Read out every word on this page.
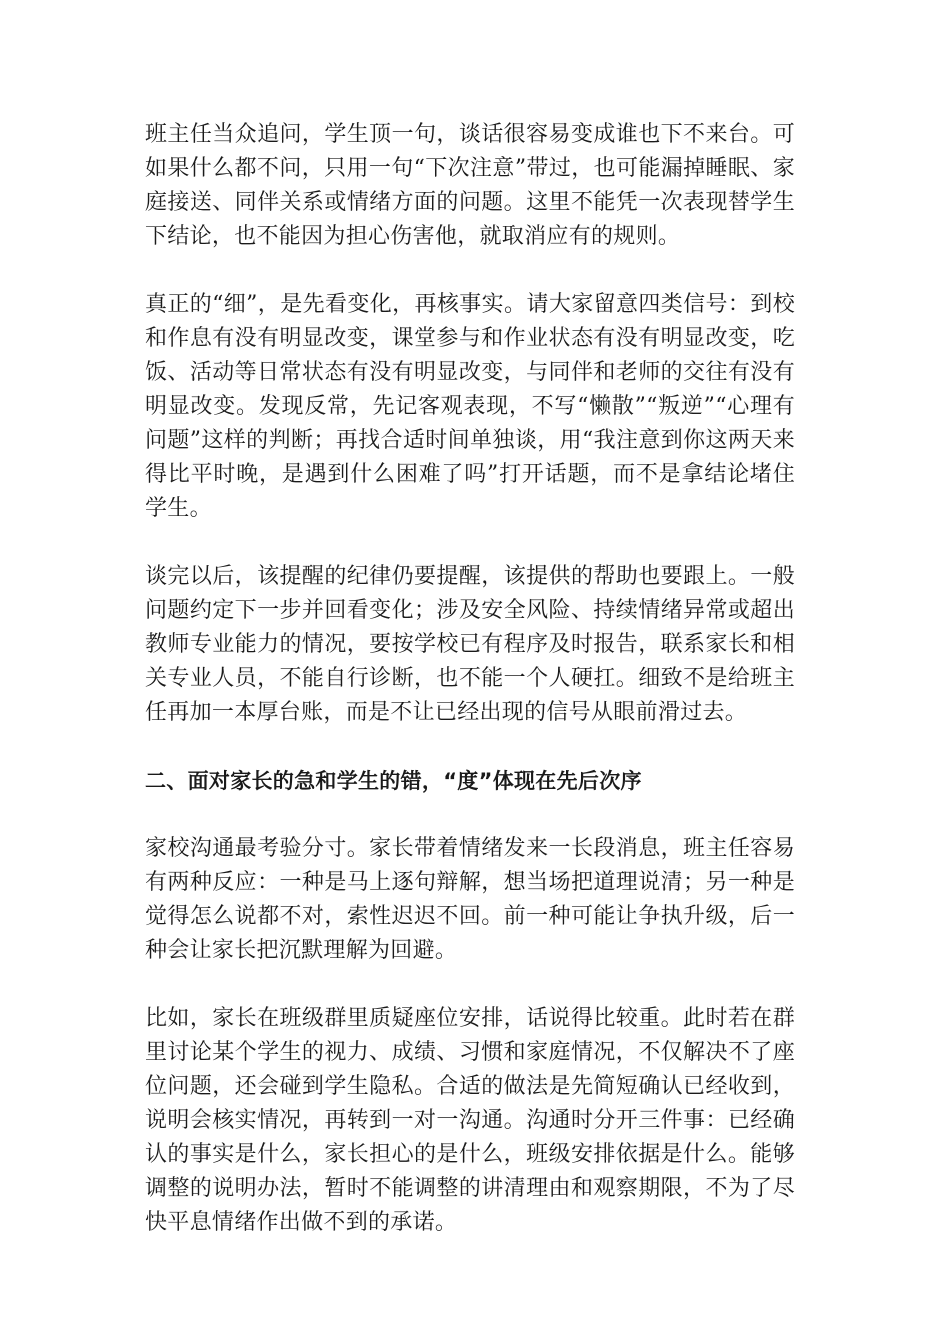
班主任当众追问，学生顶一句，谈话很容易变成谁也下不来台。可如果什么都不问，只用一句“下次注意”带过，也可能漏掉睡眠、家庭接送、同伴关系或情绪方面的问题。这里不能凭一次表现替学生下结论，也不能因为担心伤害他，就取消应有的规则。

真正的“细”，是先看变化，再核事实。请大家留意四类信号：到校和作息有没有明显改变，课堂参与和作业状态有没有明显改变，吃饭、活动等日常状态有没有明显改变，与同伴和老师的交往有没有明显改变。发现反常，先记客观表现，不写“懒散”“叛逆”“心理有问题”这样的判断；再找合适时间单独谈，用“我注意到你这两天来得比平时晚，是遇到什么困难了吗”打开话题，而不是拿结论堵住学生。

谈完以后，该提醒的纪律仍要提醒，该提供的帮助也要跟上。一般问题约定下一步并回看变化；涉及安全风险、持续情绪异常或超出教师专业能力的情况，要按学校已有程序及时报告，联系家长和相关专业人员，不能自行诊断，也不能一个人硬扛。细致不是给班主任再加一本厚台账，而是不让已经出现的信号从眼前滑过去。

二、面对家长的急和学生的错，“度”体现在先后次序

家校沟通最考验分寸。家长带着情绪发来一长段消息，班主任容易有两种反应：一种是马上逐句辩解，想当场把道理说清；另一种是觉得怎么说都不对，索性迟迟不回。前一种可能让争执升级，后一种会让家长把沉默理解为回避。

比如，家长在班级群里质疑座位安排，话说得比较重。此时若在群里讨论某个学生的视力、成绩、习惯和家庭情况，不仅解决不了座位问题，还会碰到学生隐私。合适的做法是先简短确认已经收到，说明会核实情况，再转到一对一沟通。沟通时分开三件事：已经确认的事实是什么，家长担心的是什么，班级安排依据是什么。能够调整的说明办法，暂时不能调整的讲清理由和观察期限，不为了尽快平息情绪作出做不到的承诺。
